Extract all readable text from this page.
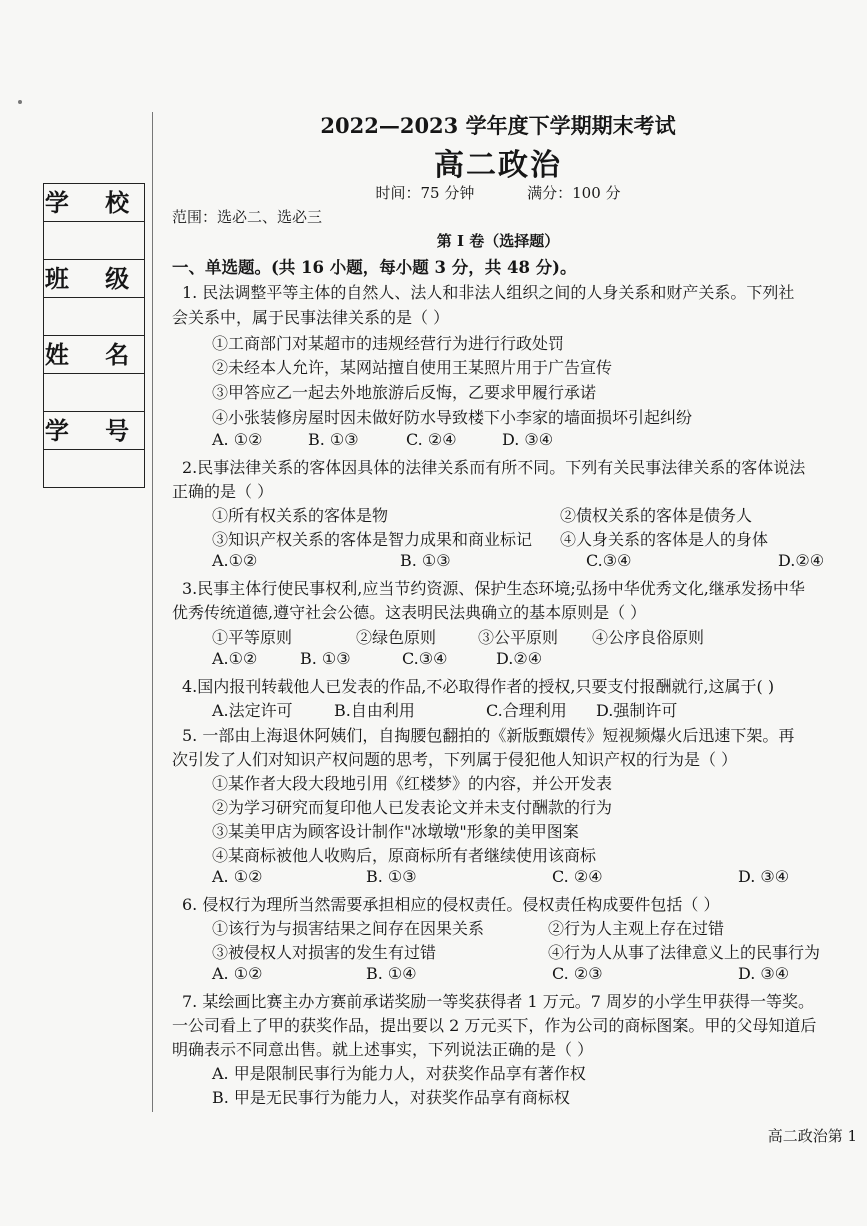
学 校
班 级
姓 名
学 号
2022—2023 学年度下学期期末考试
高二政治
时间：75 分钟	满分：100 分
范围：选必二、选必三
第 I 卷（选择题）
一、单选题。(共 16 小题，每小题 3 分，共 48 分)。
1. 民法调整平等主体的自然人、法人和非法人组织之间的人身关系和财产关系。下列社
会关系中，属于民事法律关系的是（ ）
①工商部门对某超市的违规经营行为进行行政处罚
②未经本人允许，某网站擅自使用王某照片用于广告宣传
③甲答应乙一起去外地旅游后反悔，乙要求甲履行承诺
④小张装修房屋时因未做好防水导致楼下小李家的墙面损坏引起纠纷
A. ①②	B. ①③	C. ②④	D. ③④
2.民事法律关系的客体因具体的法律关系而有所不同。下列有关民事法律关系的客体说法
正确的是（ ）
①所有权关系的客体是物	②债权关系的客体是债务人
③知识产权关系的客体是智力成果和商业标记 ④人身关系的客体是人的身体
A.①②	B. ①③	C.③④	D.②④
3.民事主体行使民事权利,应当节约资源、保护生态环境;弘扬中华优秀文化,继承发扬中华
优秀传统道德,遵守社会公德。这表明民法典确立的基本原则是（ ）
①平等原则	②绿色原则	③公平原则 ④公序良俗原则
A.①②	B. ①③	C.③④	D.②④
4.国内报刊转载他人已发表的作品,不必取得作者的授权,只要支付报酬就行,这属于( )
A.法定许可	B.自由利用	C.合理利用 D.强制许可
5. 一部由上海退休阿姨们，自掏腰包翻拍的《新版甄嬛传》短视频爆火后迅速下架。再
次引发了人们对知识产权问题的思考，下列属于侵犯他人知识产权的行为是（ ）
①某作者大段大段地引用《红楼梦》的内容，并公开发表
②为学习研究而复印他人已发表论文并未支付酬款的行为
③某美甲店为顾客设计制作"冰墩墩"形象的美甲图案
④某商标被他人收购后，原商标所有者继续使用该商标
A. ①②	B. ①③	C. ②④	D. ③④
6. 侵权行为理所当然需要承担相应的侵权责任。侵权责任构成要件包括（ ）
①该行为与损害结果之间存在因果关系	②行为人主观上存在过错
③被侵权人对损害的发生有过错	④行为人从事了法律意义上的民事行为
A. ①②	B. ①④	C. ②③	D. ③④
7. 某绘画比赛主办方赛前承诺奖励一等奖获得者 1 万元。7 周岁的小学生甲获得一等奖。
一公司看上了甲的获奖作品，提出要以 2 万元买下，作为公司的商标图案。甲的父母知道后
明确表示不同意出售。就上述事实，下列说法正确的是（ ）
A. 甲是限制民事行为能力人，对获奖作品享有著作权
B. 甲是无民事行为能力人，对获奖作品享有商标权
高二政治第 1
